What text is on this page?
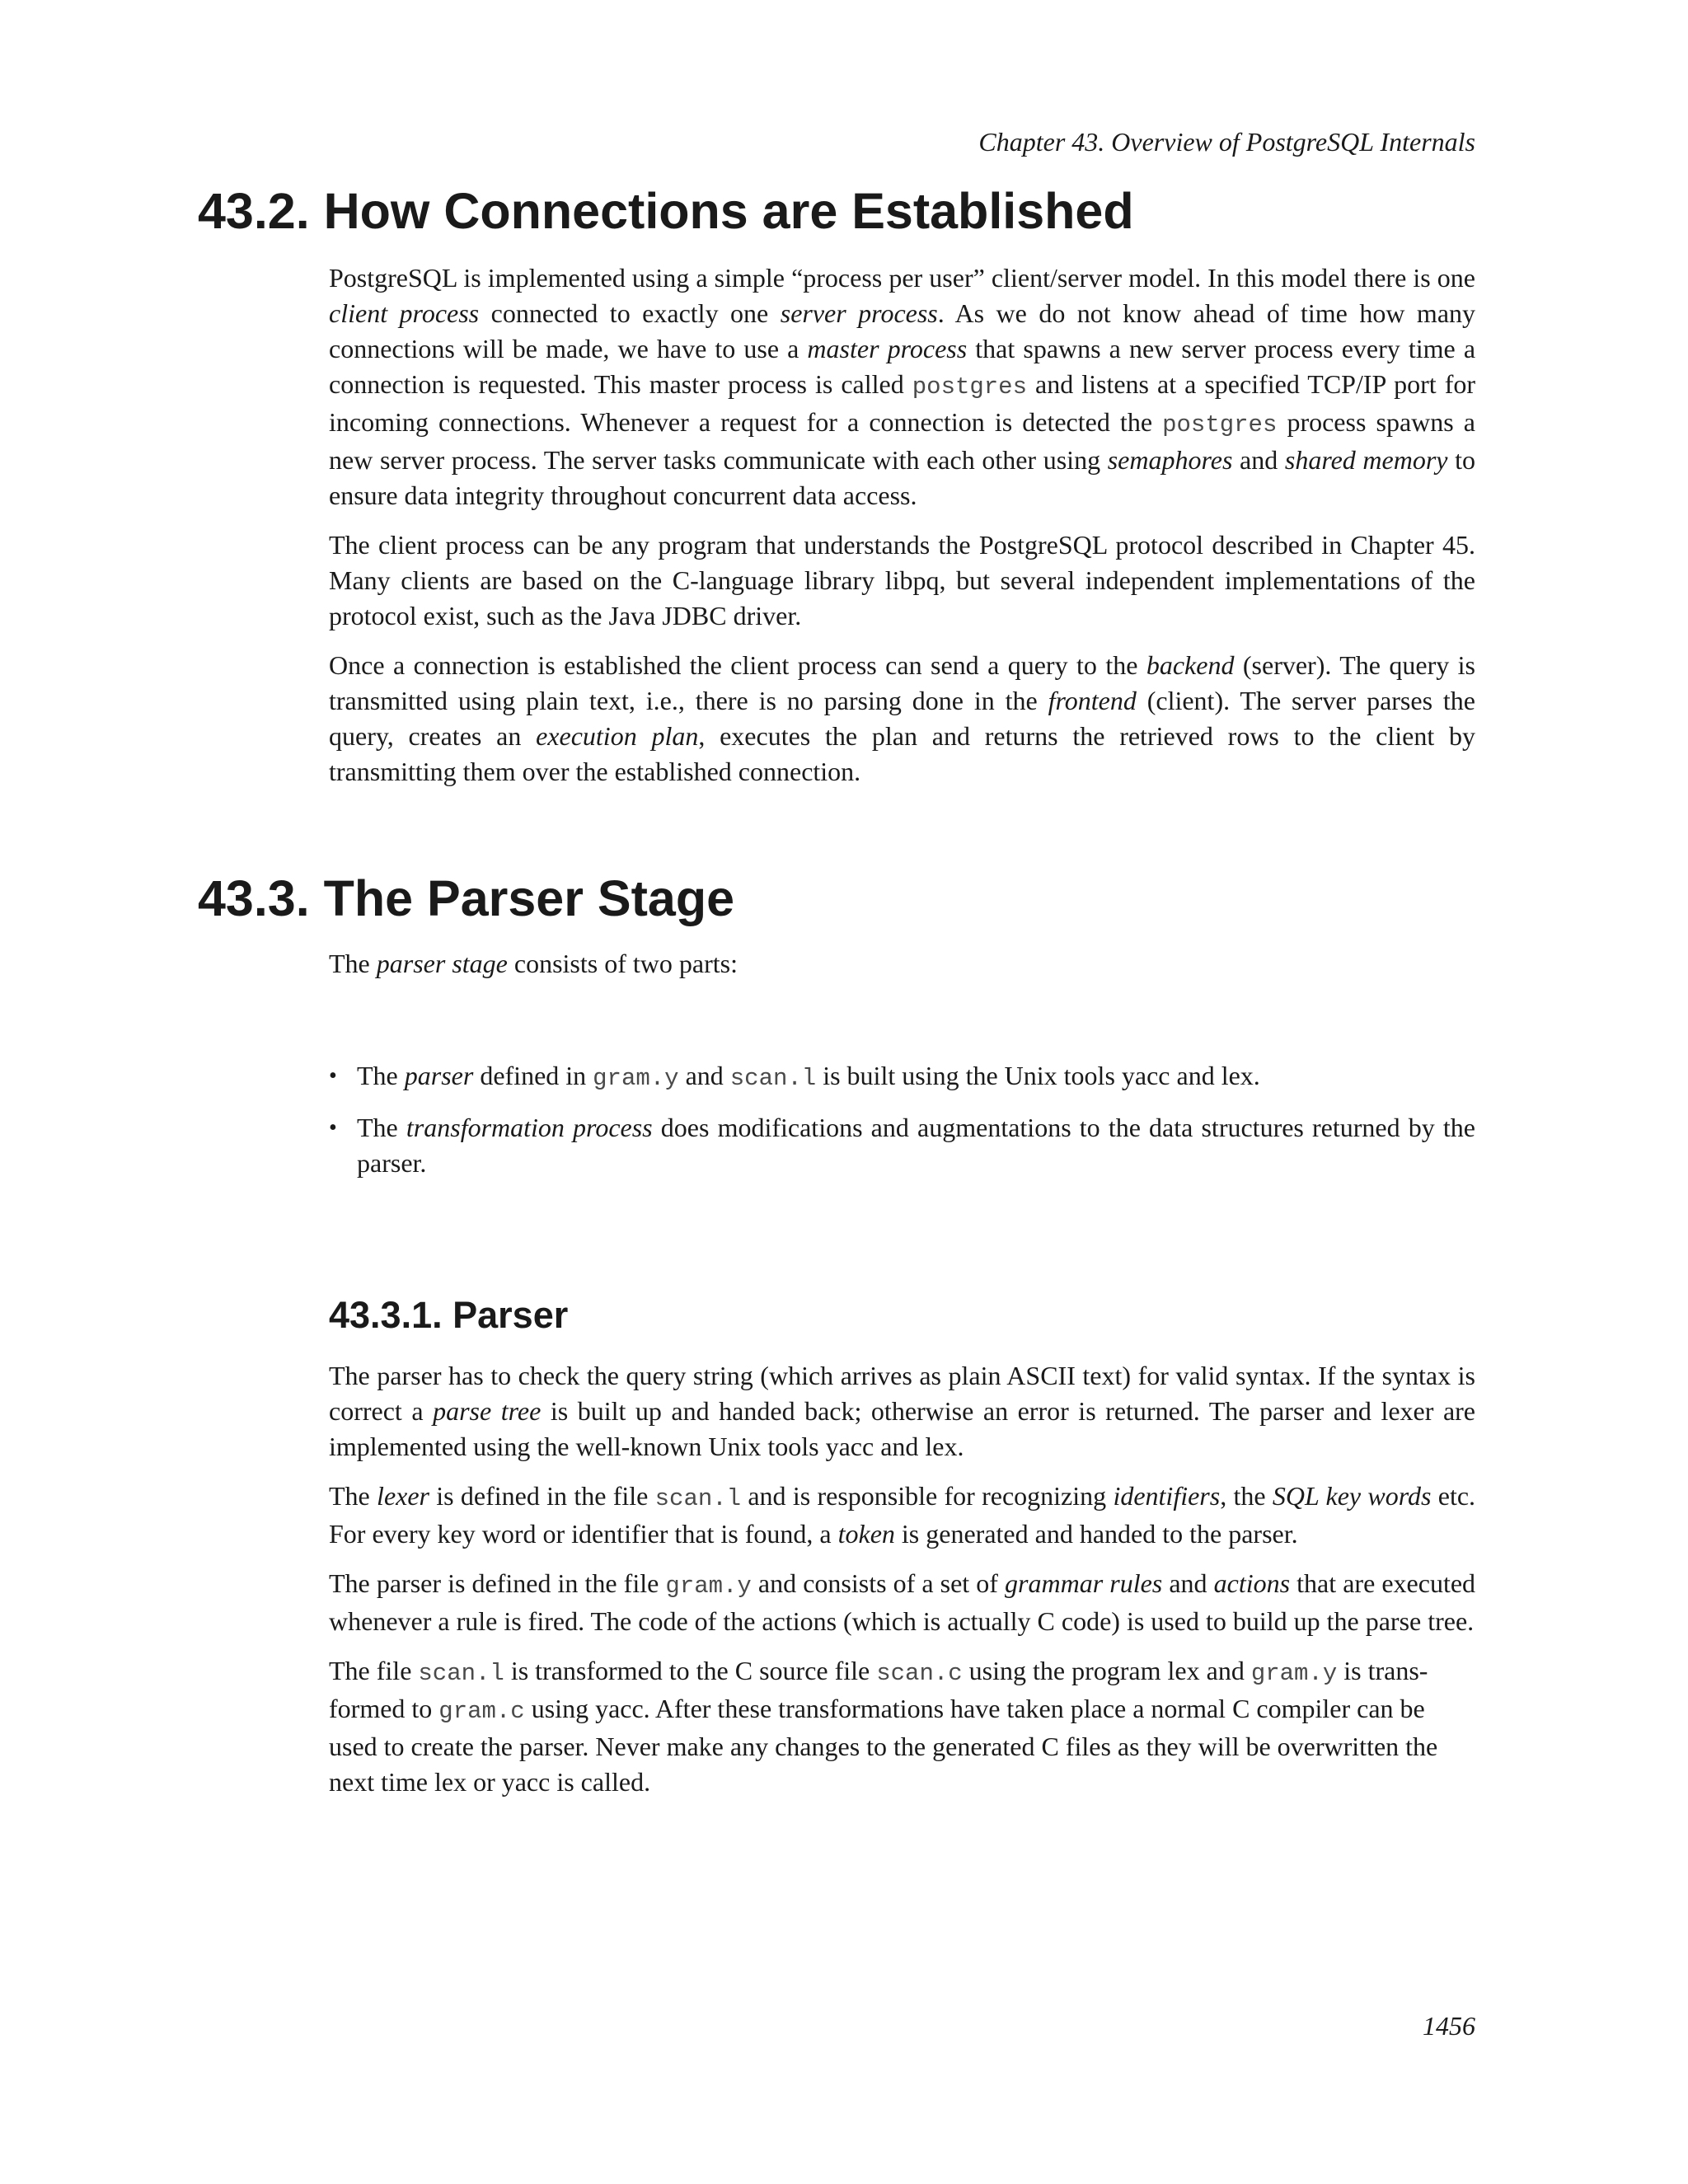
Chapter 43. Overview of PostgreSQL Internals
43.2. How Connections are Established

PostgreSQL is implemented using a simple “process per user” client/server model. In this model there is one client process connected to exactly one server process. As we do not know ahead of time how many connections will be made, we have to use a master process that spawns a new server process every time a connection is requested. This master process is called postgres and listens at a specified TCP/IP port for incoming connections. Whenever a request for a connection is detected the postgres process spawns a new server process. The server tasks communicate with each other using semaphores and shared memory to ensure data integrity throughout concurrent data access.

The client process can be any program that understands the PostgreSQL protocol described in Chapter 45. Many clients are based on the C-language library libpq, but several independent implementations of the protocol exist, such as the Java JDBC driver.

Once a connection is established the client process can send a query to the backend (server). The query is transmitted using plain text, i.e., there is no parsing done in the frontend (client). The server parses the query, creates an execution plan, executes the plan and returns the retrieved rows to the client by transmitting them over the established connection.

43.3. The Parser Stage

The parser stage consists of two parts:

• The parser defined in gram.y and scan.l is built using the Unix tools yacc and lex.
• The transformation process does modifications and augmentations to the data structures returned by the parser.
43.3.1. Parser

The parser has to check the query string (which arrives as plain ASCII text) for valid syntax. If the syntax is correct a parse tree is built up and handed back; otherwise an error is returned. The parser and lexer are implemented using the well-known Unix tools yacc and lex.

The lexer is defined in the file scan.l and is responsible for recognizing identifiers, the SQL key words etc. For every key word or identifier that is found, a token is generated and handed to the parser.

The parser is defined in the file gram.y and consists of a set of grammar rules and actions that are executed whenever a rule is fired. The code of the actions (which is actually C code) is used to build up the parse tree.

The file scan.l is transformed to the C source file scan.c using the program lex and gram.y is trans- formed to gram.c using yacc. After these transformations have taken place a normal C compiler can be used to create the parser. Never make any changes to the generated C files as they will be overwritten the next time lex or yacc is called.

1456
